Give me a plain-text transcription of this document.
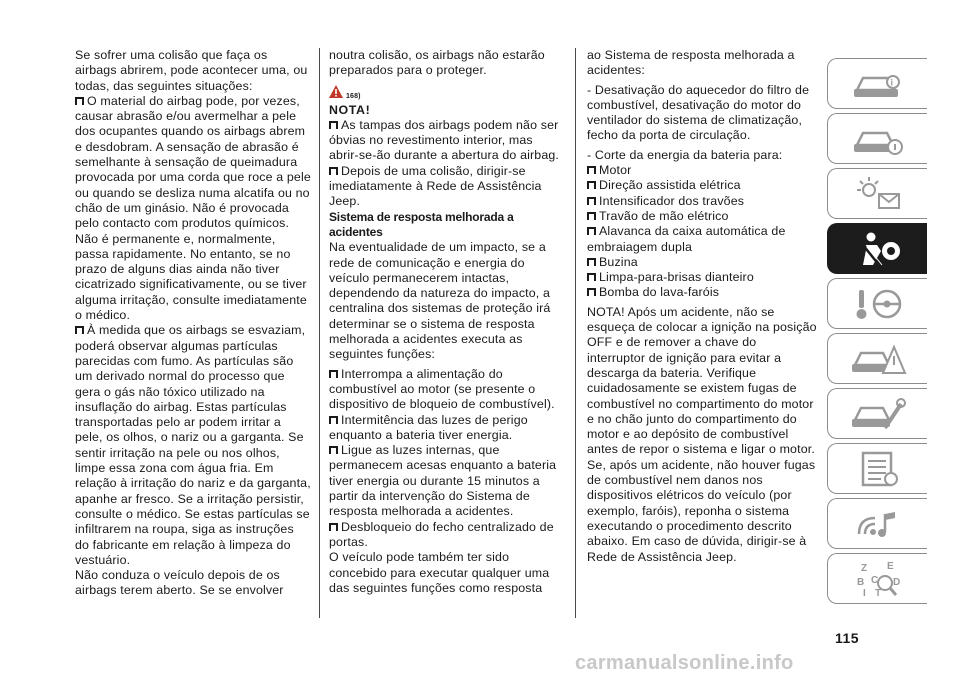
Se sofrer uma colisão que faça os airbags abrirem, pode acontecer uma, ou todas, das seguintes situações:

O material do airbag pode, por vezes, causar abrasão e/ou avermelhar a pele dos ocupantes quando os airbags abrem e desdobram. A sensação de abrasão é semelhante à sensação de queimadura provocada por uma corda que roce a pele ou quando se desliza numa alcatifa ou no chão de um ginásio. Não é provocada pelo contacto com produtos químicos. Não é permanente e, normalmente, passa rapidamente. No entanto, se no prazo de alguns dias ainda não tiver cicatrizado significativamente, ou se tiver alguma irritação, consulte imediatamente o médico.

À medida que os airbags se esvaziam, poderá observar algumas partículas parecidas com fumo. As partículas são um derivado normal do processo que gera o gás não tóxico utilizado na insuflação do airbag. Estas partículas transportadas pelo ar podem irritar a pele, os olhos, o nariz ou a garganta. Se sentir irritação na pele ou nos olhos, limpe essa zona com água fria. Em relação à irritação do nariz e da garganta, apanhe ar fresco. Se a irritação persistir, consulte o médico. Se estas partículas se infiltrarem na roupa, siga as instruções do fabricante em relação à limpeza do vestuário.

Não conduza o veículo depois de os airbags terem aberto. Se se envolver

noutra colisão, os airbags não estarão preparados para o proteger.

168)

NOTA!

As tampas dos airbags podem não ser óbvias no revestimento interior, mas abrir-se-ão durante a abertura do airbag.

Depois de uma colisão, dirigir-se imediatamente à Rede de Assistência Jeep.

Sistema de resposta melhorada a acidentes

Na eventualidade de um impacto, se a rede de comunicação e energia do veículo permanecerem intactas, dependendo da natureza do impacto, a centralina dos sistemas de proteção irá determinar se o sistema de resposta melhorada a acidentes executa as seguintes funções:

Interrompa a alimentação do combustível ao motor (se presente o dispositivo de bloqueio de combustível).

Intermitência das luzes de perigo enquanto a bateria tiver energia.

Ligue as luzes internas, que permanecem acesas enquanto a bateria tiver energia ou durante 15 minutos a partir da intervenção do Sistema de resposta melhorada a acidentes.

Desbloqueio do fecho centralizado de portas.

O veículo pode também ter sido concebido para executar qualquer uma das seguintes funções como resposta

ao Sistema de resposta melhorada a acidentes:

- Desativação do aquecedor do filtro de combustível, desativação do motor do ventilador do sistema de climatização, fecho da porta de circulação.

- Corte da energia da bateria para:

Motor

Direção assistida elétrica

Intensificador dos travões

Travão de mão elétrico

Alavanca da caixa automática de embraiagem dupla

Buzina

Limpa-para-brisas dianteiro

Bomba do lava-faróis

NOTA! Após um acidente, não se esqueça de colocar a ignição na posição OFF e de remover a chave do interruptor de ignição para evitar a descarga da bateria. Verifique cuidadosamente se existem fugas de combustível no compartimento do motor e no chão junto do compartimento do motor e ao depósito de combustível antes de repor o sistema e ligar o motor. Se, após um acidente, não houver fugas de combustível nem danos nos dispositivos elétricos do veículo (por exemplo, faróis), reponha o sistema executando o procedimento descrito abaixo. Em caso de dúvida, dirigir-se à Rede de Assistência Jeep.

i
Z E
B C D
I T
115
carmanualsonline.info
